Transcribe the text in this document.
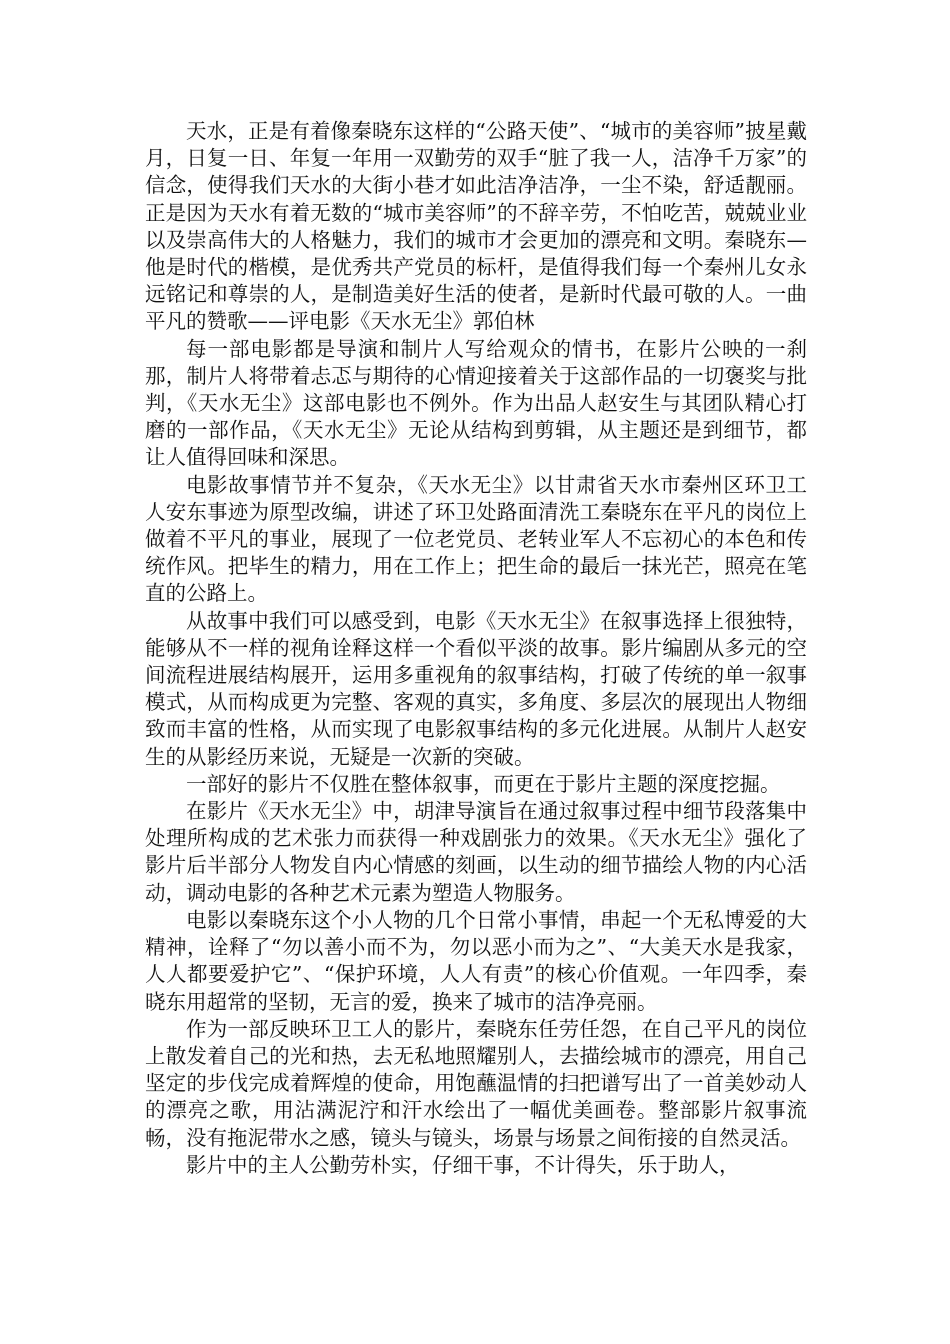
天水，正是有着像秦晓东这样的“公路天使”、“城市的美容师”披星戴月，日复一日、年复一年用一双勤劳的双手“脏了我一人，洁净千万家”的信念，使得我们天水的大街小巷才如此洁净洁净，一尘不染，舒适靓丽。正是因为天水有着无数的“城市美容师”的不辞辛劳，不怕吃苦，兢兢业业以及崇高伟大的人格魅力，我们的城市才会更加的漂亮和文明。秦晓东—他是时代的楷模，是优秀共产党员的标杆，是值得我们每一个秦州儿女永远铭记和尊崇的人，是制造美好生活的使者，是新时代最可敬的人。一曲平凡的赞歌——评电影《天水无尘》郭伯林

每一部电影都是导演和制片人写给观众的情书，在影片公映的一刹那，制片人将带着忐忑与期待的心情迎接着关于这部作品的一切褒奖与批判，《天水无尘》这部电影也不例外。作为出品人赵安生与其团队精心打磨的一部作品，《天水无尘》无论从结构到剪辑，从主题还是到细节，都让人值得回味和深思。

电影故事情节并不复杂，《天水无尘》以甘肃省天水市秦州区环卫工人安东事迹为原型改编，讲述了环卫处路面清洗工秦晓东在平凡的岗位上做着不平凡的事业，展现了一位老党员、老转业军人不忘初心的本色和传统作风。把毕生的精力，用在工作上；把生命的最后一抹光芒，照亮在笔直的公路上。

从故事中我们可以感受到，电影《天水无尘》在叙事选择上很独特，能够从不一样的视角诠释这样一个看似平淡的故事。影片编剧从多元的空间流程进展结构展开，运用多重视角的叙事结构，打破了传统的单一叙事模式，从而构成更为完整、客观的真实，多角度、多层次的展现出人物细致而丰富的性格，从而实现了电影叙事结构的多元化进展。从制片人赵安生的从影经历来说，无疑是一次新的突破。

一部好的影片不仅胜在整体叙事，而更在于影片主题的深度挖掘。

在影片《天水无尘》中，胡津导演旨在通过叙事过程中细节段落集中处理所构成的艺术张力而获得一种戏剧张力的效果。《天水无尘》强化了影片后半部分人物发自内心情感的刻画，以生动的细节描绘人物的内心活动，调动电影的各种艺术元素为塑造人物服务。

电影以秦晓东这个小人物的几个日常小事情，串起一个无私博爱的大精神，诠释了“勿以善小而不为，勿以恶小而为之”、“大美天水是我家，人人都要爱护它”、“保护环境，人人有责”的核心价值观。一年四季，秦晓东用超常的坚韧，无言的爱，换来了城市的洁净亮丽。

作为一部反映环卫工人的影片，秦晓东任劳任怨，在自己平凡的岗位上散发着自己的光和热，去无私地照耀别人，去描绘城市的漂亮，用自己坚定的步伐完成着辉煌的使命，用饱蘸温情的扫把谱写出了一首美妙动人的漂亮之歌，用沾满泥泞和汗水绘出了一幅优美画卷。整部影片叙事流畅，没有拖泥带水之感，镜头与镜头，场景与场景之间衔接的自然灵活。

影片中的主人公勤劳朴实，仔细干事，不计得失，乐于助人，
